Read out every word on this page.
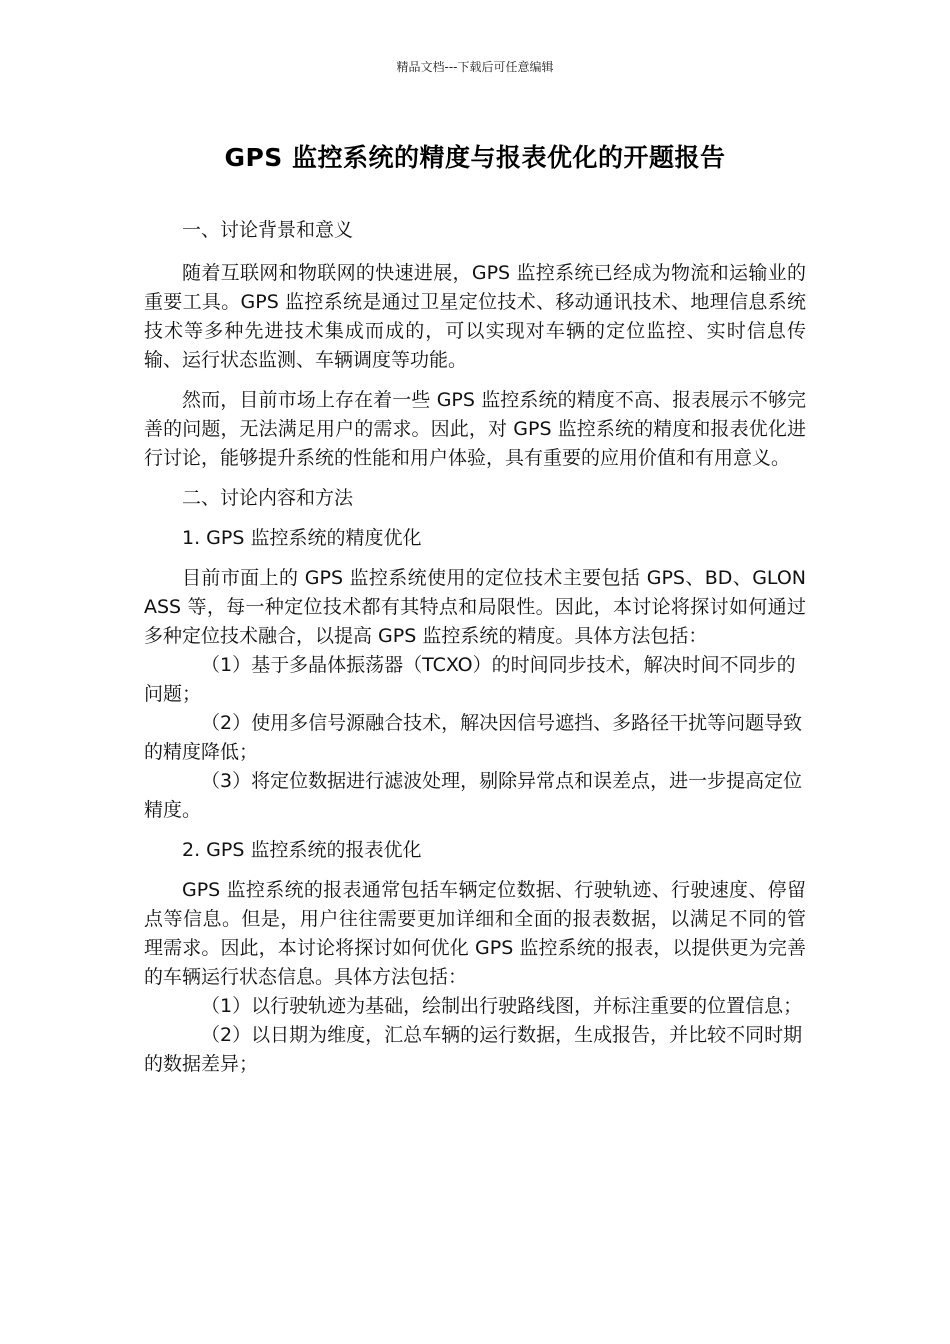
精品文档---下载后可任意编辑
GPS 监控系统的精度与报表优化的开题报告

一、讨论背景和意义

随着互联网和物联网的快速进展，GPS 监控系统已经成为物流和运输业的重要工具。GPS 监控系统是通过卫星定位技术、移动通讯技术、地理信息系统技术等多种先进技术集成而成的，可以实现对车辆的定位监控、实时信息传输、运行状态监测、车辆调度等功能。

然而，目前市场上存在着一些 GPS 监控系统的精度不高、报表展示不够完善的问题，无法满足用户的需求。因此，对 GPS 监控系统的精度和报表优化进行讨论，能够提升系统的性能和用户体验，具有重要的应用价值和有用意义。

二、讨论内容和方法

1. GPS 监控系统的精度优化

目前市面上的 GPS 监控系统使用的定位技术主要包括 GPS、BD、GLONASS 等，每一种定位技术都有其特点和局限性。因此，本讨论将探讨如何通过多种定位技术融合，以提高 GPS 监控系统的精度。具体方法包括：

（1）基于多晶体振荡器（TCXO）的时间同步技术，解决时间不同步的问题；

（2）使用多信号源融合技术，解决因信号遮挡、多路径干扰等问题导致的精度降低；

（3）将定位数据进行滤波处理，剔除异常点和误差点，进一步提高定位精度。

2. GPS 监控系统的报表优化

GPS 监控系统的报表通常包括车辆定位数据、行驶轨迹、行驶速度、停留点等信息。但是，用户往往需要更加详细和全面的报表数据，以满足不同的管理需求。因此，本讨论将探讨如何优化 GPS 监控系统的报表，以提供更为完善的车辆运行状态信息。具体方法包括：

（1）以行驶轨迹为基础，绘制出行驶路线图，并标注重要的位置信息；

（2）以日期为维度，汇总车辆的运行数据，生成报告，并比较不同时期的数据差异；
